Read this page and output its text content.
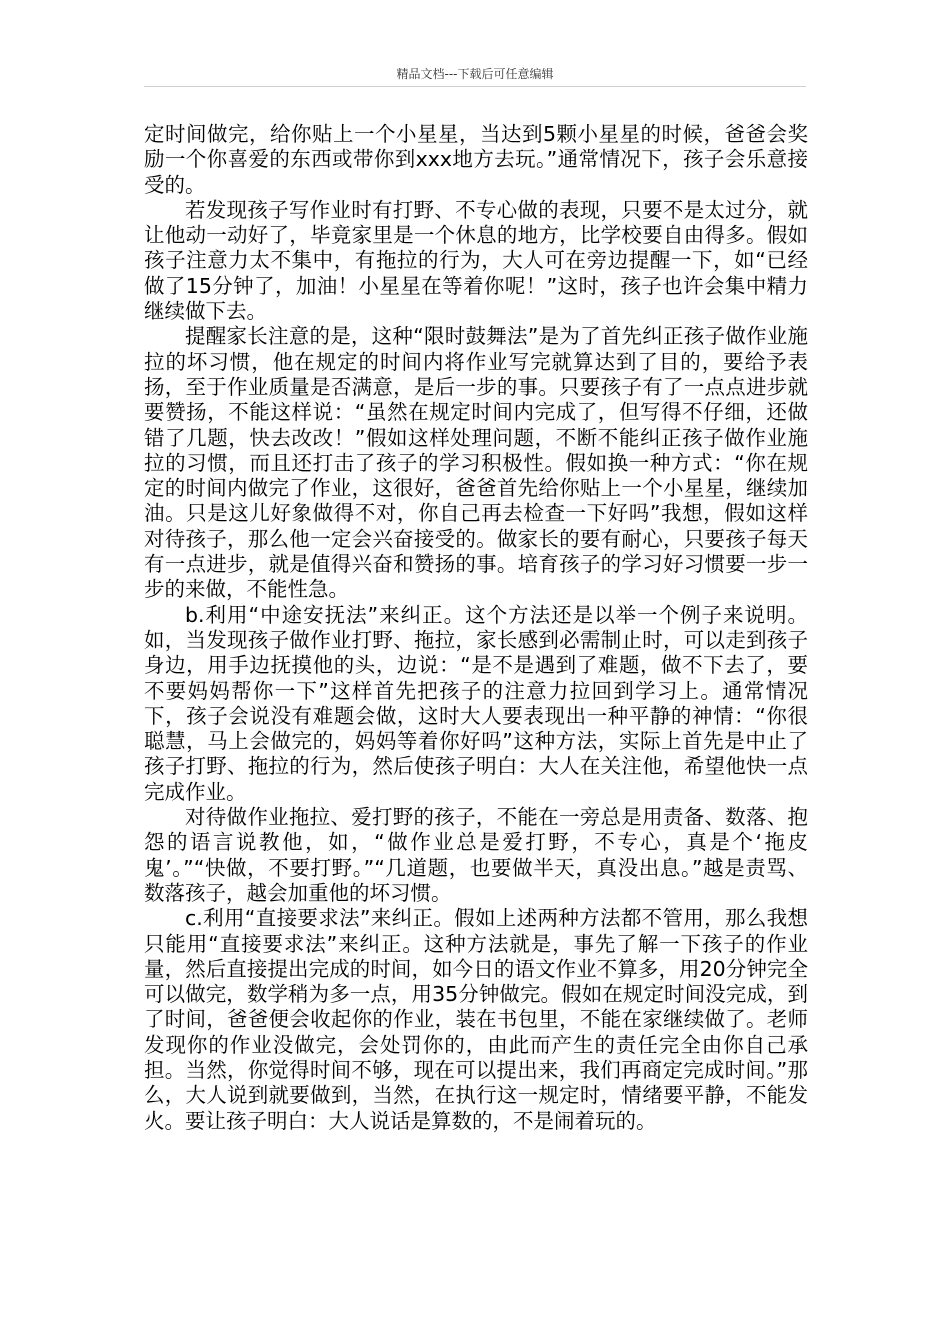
精品文档---下载后可任意编辑

定时间做完，给你贴上一个小星星，当达到5颗小星星的时候，爸爸会奖励一个你喜爱的东西或带你到xxx地方去玩。”通常情况下，孩子会乐意接受的。

若发现孩子写作业时有打野、不专心做的表现，只要不是太过分，就让他动一动好了，毕竟家里是一个休息的地方，比学校要自由得多。假如孩子注意力太不集中，有拖拉的行为，大人可在旁边提醒一下，如“已经做了15分钟了，加油！小星星在等着你呢！”这时，孩子也许会集中精力继续做下去。

提醒家长注意的是，这种“限时鼓舞法”是为了首先纠正孩子做作业施拉的坏习惯，他在规定的时间内将作业写完就算达到了目的，要给予表扬，至于作业质量是否满意，是后一步的事。只要孩子有了一点点进步就要赞扬，不能这样说：“虽然在规定时间内完成了，但写得不仔细，还做错了几题，快去改改！”假如这样处理问题，不断不能纠正孩子做作业施拉的习惯，而且还打击了孩子的学习积极性。假如换一种方式：“你在规定的时间内做完了作业，这很好，爸爸首先给你贴上一个小星星，继续加油。只是这儿好象做得不对，你自己再去检查一下好吗”我想，假如这样对待孩子，那么他一定会兴奋接受的。做家长的要有耐心，只要孩子每天有一点进步，就是值得兴奋和赞扬的事。培育孩子的学习好习惯要一步一步的来做，不能性急。

b.利用“中途安抚法”来纠正。这个方法还是以举一个例子来说明。如，当发现孩子做作业打野、拖拉，家长感到必需制止时，可以走到孩子身边，用手边抚摸他的头，边说：“是不是遇到了难题，做不下去了，要不要妈妈帮你一下”这样首先把孩子的注意力拉回到学习上。通常情况下，孩子会说没有难题会做，这时大人要表现出一种平静的神情：“你很聪慧，马上会做完的，妈妈等着你好吗”这种方法，实际上首先是中止了孩子打野、拖拉的行为，然后使孩子明白：大人在关注他，希望他快一点完成作业。

对待做作业拖拉、爱打野的孩子，不能在一旁总是用责备、数落、抱怨的语言说教他，如，“做作业总是爱打野，不专心，真是个‘拖皮鬼’。”“快做，不要打野。”“几道题，也要做半天，真没出息。”越是责骂、数落孩子，越会加重他的坏习惯。

c.利用“直接要求法”来纠正。假如上述两种方法都不管用，那么我想只能用“直接要求法”来纠正。这种方法就是，事先了解一下孩子的作业量，然后直接提出完成的时间，如今日的语文作业不算多，用20分钟完全可以做完，数学稍为多一点，用35分钟做完。假如在规定时间没完成，到了时间，爸爸便会收起你的作业，装在书包里，不能在家继续做了。老师发现你的作业没做完，会处罚你的，由此而产生的责任完全由你自己承担。当然，你觉得时间不够，现在可以提出来，我们再商定完成时间。”那么，大人说到就要做到，当然，在执行这一规定时，情绪要平静，不能发火。要让孩子明白：大人说话是算数的，不是闹着玩的。
